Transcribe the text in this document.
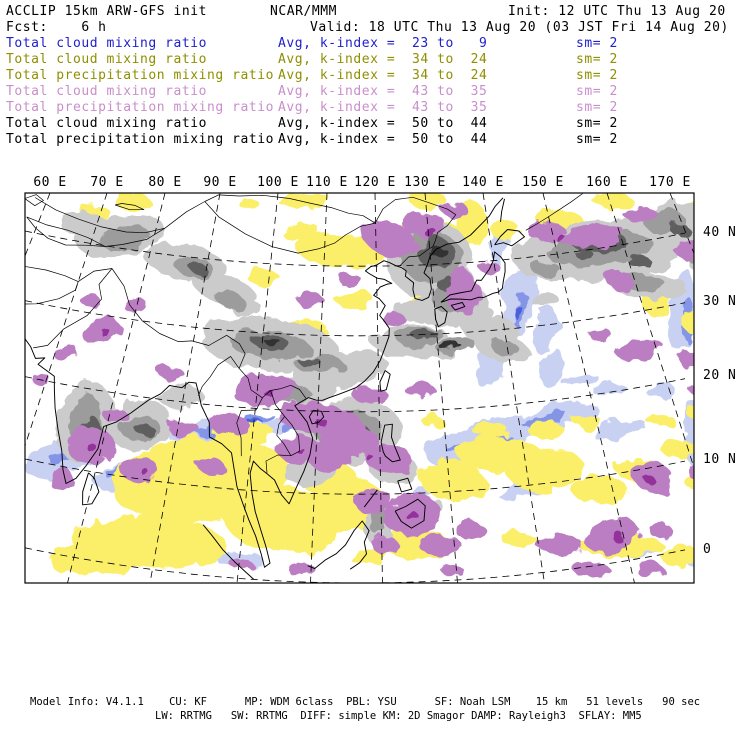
ACCLIP 15km ARW-GFS init	NCAR/MMM	Init: 12 UTC Thu 13 Aug 20
Fcst:    6 h	Valid: 18 UTC Thu 13 Aug 20 (03 JST Fri 14 Aug 20)
Total cloud mixing ratio	Avg, k-index =  23 to   9	sm= 2
Total cloud mixing ratio	Avg, k-index =  34 to  24	sm= 2
Total precipitation mixing ratio Avg, k-index =  34 to  24	sm= 2
Total cloud mixing ratio	Avg, k-index =  43 to  35	sm= 2
Total precipitation mixing ratio Avg, k-index =  43 to  35	sm= 2
Total cloud mixing ratio	Avg, k-index =  50 to  44	sm= 2
Total precipitation mixing ratio Avg, k-index =  50 to  44	sm= 2
Model Info: V4.1.1    CU: KF      MP: WDM 6class  PBL: YSU      SF: Noah LSM    15 km   51 levels   90 sec
LW: RRTMG   SW: RRTMG  DIFF: simple KM: 2D Smagor DAMP: Rayleigh3  SFLAY: MM5
60 E 70 E 80 E 90 E 100 E 110 E 120 E 130 E 140 E 150 E 160 E 170 E
40 N
30 N
20 N
10 N
0
